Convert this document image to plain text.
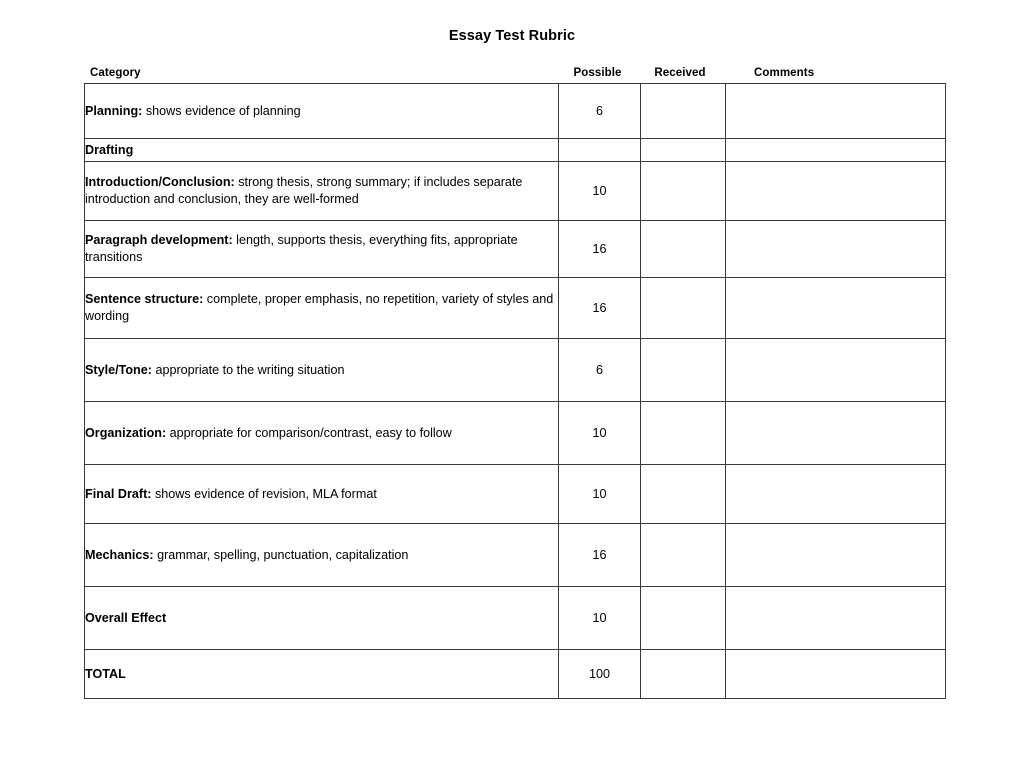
Essay Test Rubric
Category	Possible	Received	Comments
Planning: shows evidence of planning	6		
Drafting			
Introduction/Conclusion: strong thesis, strong summary; if includes separate introduction and conclusion, they are well-formed	10		
Paragraph development: length, supports thesis, everything fits, appropriate transitions	16		
Sentence structure: complete, proper emphasis, no repetition, variety of styles and wording	16		
Style/Tone: appropriate to the writing situation	6		
Organization: appropriate for comparison/contrast, easy to follow	10		
Final Draft: shows evidence of revision, MLA format	10		
Mechanics: grammar, spelling, punctuation, capitalization	16		
Overall Effect	10		
TOTAL	100		
